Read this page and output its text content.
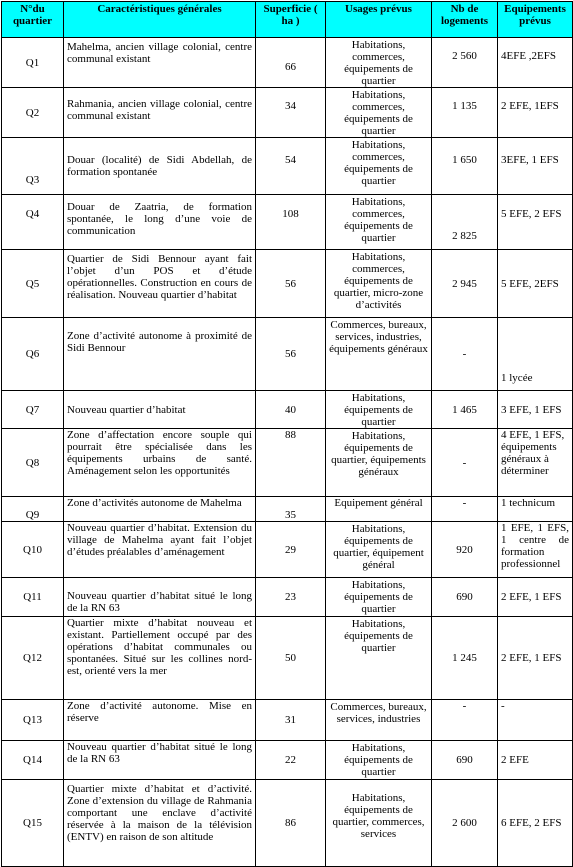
N°du quartier	Caractéristiques générales	Superficie ( ha )	Usages prévus	Nb de logements	Equipements prévus
Q1	Mahelma, ancien village colonial, centre communal existant	66	Habitations, commerces, équipements de quartier	2 560	4EFE ,2EFS
Q2	Rahmania, ancien village colonial, centre communal existant	34	Habitations, commerces, équipements de quartier	1 135	2 EFE, 1EFS
Q3	Douar (localité) de Sidi Abdellah, de formation spontanée	54	Habitations, commerces, équipements de quartier	1 650	3EFE, 1 EFS
Q4	Douar de Zaatria, de formation spontanée, le long d’une voie de communication	108	Habitations, commerces, équipements de quartier	2 825	5 EFE, 2 EFS
Q5	Quartier de Sidi Bennour ayant fait l’objet d’un POS et d’étude opérationnelles. Construction en cours de réalisation. Nouveau quartier d’habitat	56	Habitations, commerces, équipements de quartier, micro-zone d’activités	2 945	5 EFE, 2EFS
Q6	Zone d’activité autonome à proximité de Sidi Bennour	56	Commerces, bureaux, services, industries, équipements généraux	-	1 lycée
Q7	Nouveau quartier d’habitat	40	Habitations, équipements de quartier	1 465	3 EFE, 1 EFS
Q8	Zone d’affectation encore souple qui pourrait être spécialisée dans les équipements urbains de santé. Aménagement selon les opportunités	88	Habitations, équipements de quartier, équipements généraux	-	4 EFE, 1 EFS, équipements généraux à déterminer
Q9	Zone d’activités autonome de Mahelma	35	Equipement général	-	1 technicum
Q10	Nouveau quartier d’habitat. Extension du village de Mahelma ayant fait l’objet d’études préalables d’aménagement	29	Habitations, équipements de quartier, équipement général	920	1 EFE, 1 EFS, 1 centre de formation professionnel
Q11	Nouveau quartier d’habitat situé le long de la RN 63	23	Habitations, équipements de quartier	690	2 EFE, 1 EFS
Q12	Quartier mixte d’habitat nouveau et existant. Partiellement occupé par des opérations d’habitat communales ou spontanées. Situé sur les collines nord-est, orienté vers la mer	50	Habitations, équipements de quartier	1 245	2 EFE, 1 EFS
Q13	Zone d’activité autonome. Mise en réserve	31	Commerces, bureaux, services, industries	-	-
Q14	Nouveau quartier d’habitat situé le long de la RN 63	22	Habitations, équipements de quartier	690	2 EFE
Q15	Quartier mixte d’habitat et d’activité. Zone d’extension du village de Rahmania comportant une enclave d’activité réservée à la maison de la télévision (ENTV) en raison de son altitude	86	Habitations, équipements de quartier, commerces, services	2 600	6 EFE, 2 EFS
